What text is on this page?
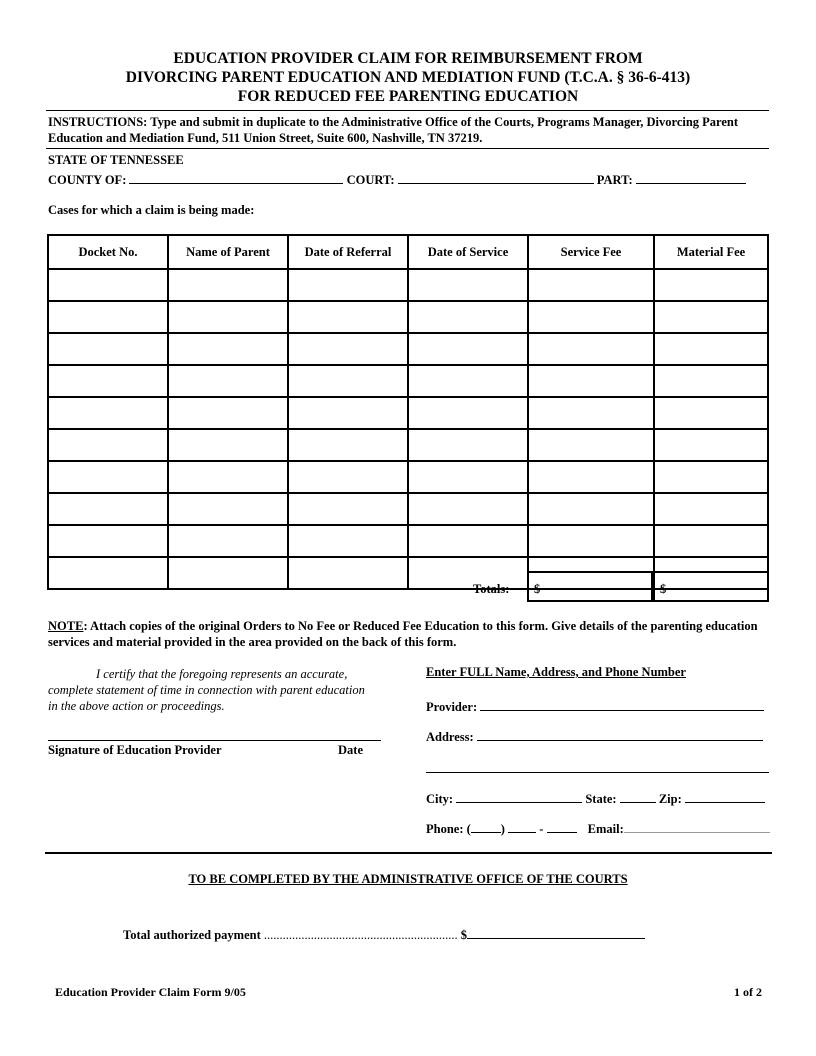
EDUCATION PROVIDER CLAIM FOR REIMBURSEMENT FROM
DIVORCING PARENT EDUCATION AND MEDIATION FUND (T.C.A. § 36-6-413)
FOR REDUCED FEE PARENTING EDUCATION
INSTRUCTIONS: Type and submit in duplicate to the Administrative Office of the Courts, Programs Manager, Divorcing Parent Education and Mediation Fund, 511 Union Street, Suite 600, Nashville, TN 37219.
STATE OF TENNESSEE
COUNTY OF:	COURT:	PART:
Cases for which a claim is being made:
Docket No.	Name of Parent	Date of Referral	Date of Service	Service Fee	Material Fee

Totals:	$	$
NOTE: Attach copies of the original Orders to No Fee or Reduced Fee Education to this form. Give details of the parenting education services and material provided in the area provided on the back of this form.
I certify that the foregoing represents an accurate,
complete statement of time in connection with parent education
in the above action or proceedings.
Signature of Education Provider	Date
Enter FULL Name, Address, and Phone Number
Provider:
Address:
City:	State:	Zip:
Phone: ( )	-	Email:
TO BE COMPLETED BY THE ADMINISTRATIVE OFFICE OF THE COURTS
Total authorized payment .............................................................. $
Education Provider Claim Form 9/05	1 of 2
